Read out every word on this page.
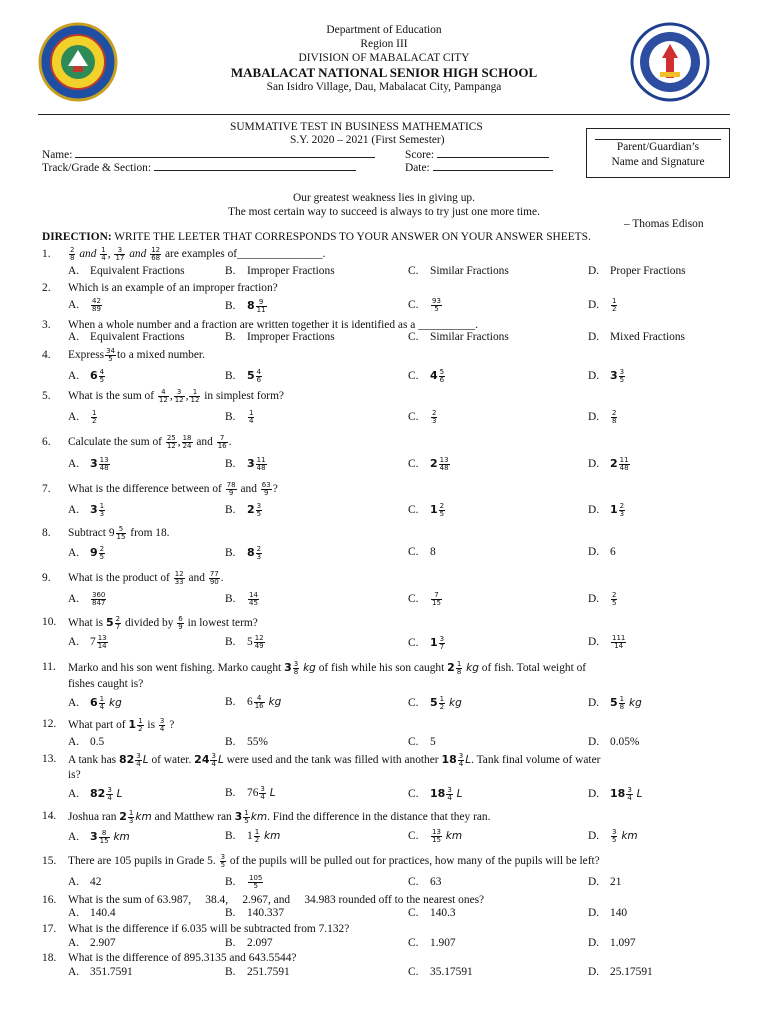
Department of Education
Region III
DIVISION OF MABALACAT CITY
MABALACAT NATIONAL SENIOR HIGH SCHOOL
San Isidro Village, Dau, Mabalacat City, Pampanga
SUMMATIVE TEST IN BUSINESS MATHEMATICS
S.Y. 2020 – 2021 (First Semester)
Name:	Score:
Track/Grade & Section:	Date:
Parent/Guardian’s
Name and Signature
Our greatest weakness lies in giving up.
The most certain way to succeed is always to try just one more time.
– Thomas Edison
DIRECTION: WRITE THE LEETER THAT CORRESPONDS TO YOUR ANSWER ON YOUR ANSWER SHEETS.
1.	$\frac{2}{8}$ and $\frac{1}{4}$ , $\frac{3}{17}$ and $\frac{12}{68}$ are examples of_______________.
A. Equivalent Fractions	B. Improper Fractions	C. Similar Fractions	D. Proper Fractions
2. Which is an example of an improper fraction?
A. $\frac{42}{89}$	B. $8 \frac{9}{11}$	C. $\frac{93}{5}$	D. $\frac{1}{2}$
3. When a whole number and a fraction are written together it is identified as a __________.
A. Equivalent Fractions	B. Improper Fractions	C. Similar Fractions	D. Mixed Fractions
4. Express $\frac{34}{5}$ to a mixed number.
A. $6 \frac{4}{5}$	B. $5 \frac{4}{6}$	C. $4 \frac{5}{6}$	D. $3 \frac{3}{5}$
5. What is the sum of $\frac{4}{12}$ , $\frac{3}{12}$ , $\frac{1}{12}$ in simplest form?
A. $\frac{1}{2}$	B. $\frac{1}{4}$	C. $\frac{2}{3}$	D. $\frac{2}{8}$
6. Calculate the sum of $\frac{25}{12}$ , $\frac{18}{24}$ and $\frac{7}{16}$ .
A. $3 \frac{13}{48}$	B. $3 \frac{11}{48}$	C. $2 \frac{13}{48}$	D. $2 \frac{11}{48}$
7. What is the difference between of $\frac{78}{9}$ and $\frac{63}{9}$ ?
A. $3 \frac{1}{3}$	B. $2 \frac{3}{5}$	C. $1 \frac{2}{5}$	D. $1 \frac{2}{3}$
8. Subtract $9 \frac{5}{15}$ from 18.
A. $9 \frac{2}{5}$	B. $8 \frac{2}{3}$	C. 8	D. 6
9. What is the product of $\frac{12}{33}$ and $\frac{77}{90}$ .
A. $\frac{360}{847}$	B. $\frac{14}{45}$	C. $\frac{7}{15}$	D. $\frac{2}{5}$
10. What is $5 \frac{2}{7}$ divided by $\frac{6}{9}$ in lowest term?
A. $7 \frac{13}{14}$	B. $5 \frac{12}{49}$	C. $1 \frac{3}{7}$	D. $\frac{111}{14}$
11. Marko and his son went fishing. Marko caught $3 \frac{3}{8}$ kg of fish while his son caught $2 \frac{1}{8}$ kg of fish. Total weight of
fishes caught is?
A. $6 \frac{1}{4}$ kg	B. $6 \frac{4}{16}$ kg	C. $5 \frac{1}{2}$ kg	D. $5 \frac{1}{8}$ kg
12. What part of $1 \frac{1}{2}$ is $\frac{3}{4}$ ?
A. 0.5	B. 55%	C. 5	D. 0.05%
13. A tank has $82 \frac{3}{4}$ L of water. $24 \frac{3}{4}$ L were used and the tank was filled with another $18 \frac{3}{4} L$. Tank final volume of water
is?
A. $82 \frac{3}{4}$ L	B. $76 \frac{3}{4}$ L	C. $18 \frac{3}{4}$ L	D. $18 \frac{3}{4}$ L
14. Joshua ran $2 \frac{1}{3}$ km and Matthew ran $3 \frac{1}{5}$ km. Find the difference in the distance that they ran.
A. $3 \frac{8}{15}$ km	B. $1 \frac{1}{2}$ km	C. $\frac{13}{15}$ km	D. $\frac{3}{5}$ km
15. There are 105 pupils in Grade 5. $\frac{3}{5}$ of the pupils will be pulled out for practices, how many of the pupils will be left?
A. 42	B. $\frac{105}{5}$	C. 63	D. 21
16. What is the sum of 63.987,     38.4,     2.967, and     34.983 rounded off to the nearest ones?
A. 140.4	B. 140.337	C. 140.3	D. 140
17. What is the difference if 6.035 will be subtracted from 7.132?
A. 2.907	B. 2.097	C. 1.907	D. 1.097
18. What is the difference of 895.3135 and 643.5544?
A. 351.7591	B. 251.7591	C. 35.17591	D. 25.17591
